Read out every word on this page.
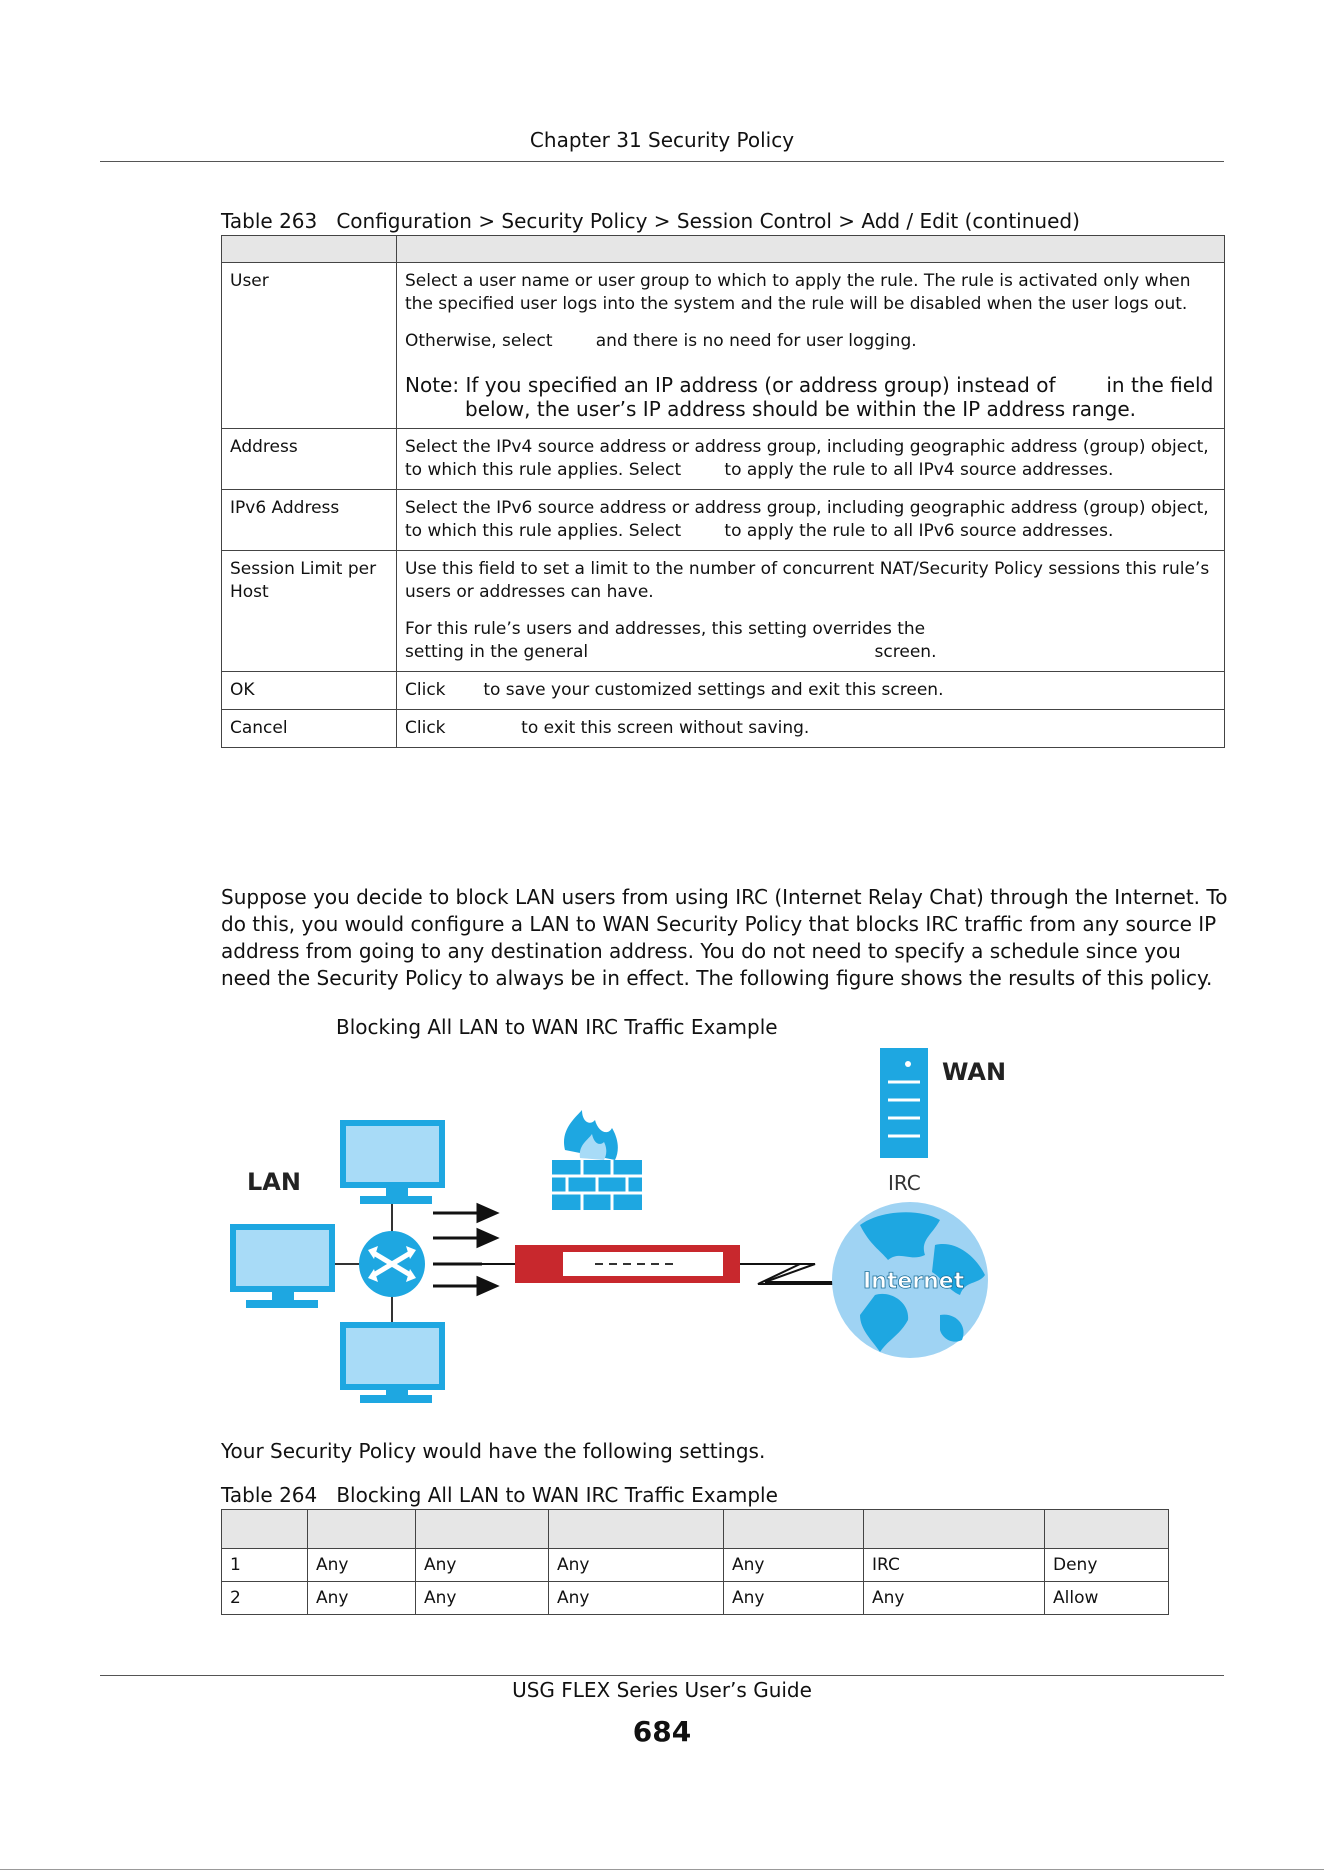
Chapter 31 Security Policy
Table 263 Configuration > Security Policy > Session Control > Add / Edit (continued)

User	Select a user name or user group to which to apply the rule. The rule is activated only when the specified user logs into the system and the rule will be disabled when the user logs out.

Otherwise, select        and there is no need for user logging.

Note: If you specified an IP address (or address group) instead of        in the field below, the user’s IP address should be within the IP address range.

Address	Select the IPv4 source address or address group, including geographic address (group) object, to which this rule applies. Select        to apply the rule to all IPv4 source addresses.

IPv6 Address	Select the IPv6 source address or address group, including geographic address (group) object, to which this rule applies. Select        to apply the rule to all IPv6 source addresses.

Session Limit per Host	Use this field to set a limit to the number of concurrent NAT/Security Policy sessions this rule’s users or addresses can have.

For this rule’s users and addresses, this setting overrides the                                              setting in the general                                                     screen.

OK	Click       to save your customized settings and exit this screen.

Cancel	Click              to exit this screen without saving.

Suppose you decide to block LAN users from using IRC (Internet Relay Chat) through the Internet. To do this, you would configure a LAN to WAN Security Policy that blocks IRC traffic from any source IP address from going to any destination address. You do not need to specify a schedule since you need the Security Policy to always be in effect. The following figure shows the results of this policy.

Blocking All LAN to WAN IRC Traffic Example
LAN
WAN
IRC
Internet
Your Security Policy would have the following settings.
Table 264 Blocking All LAN to WAN IRC Traffic Example

1	Any	Any	Any	Any	IRC	Deny
2	Any	Any	Any	Any	Any	Allow
USG FLEX Series User’s Guide
684
